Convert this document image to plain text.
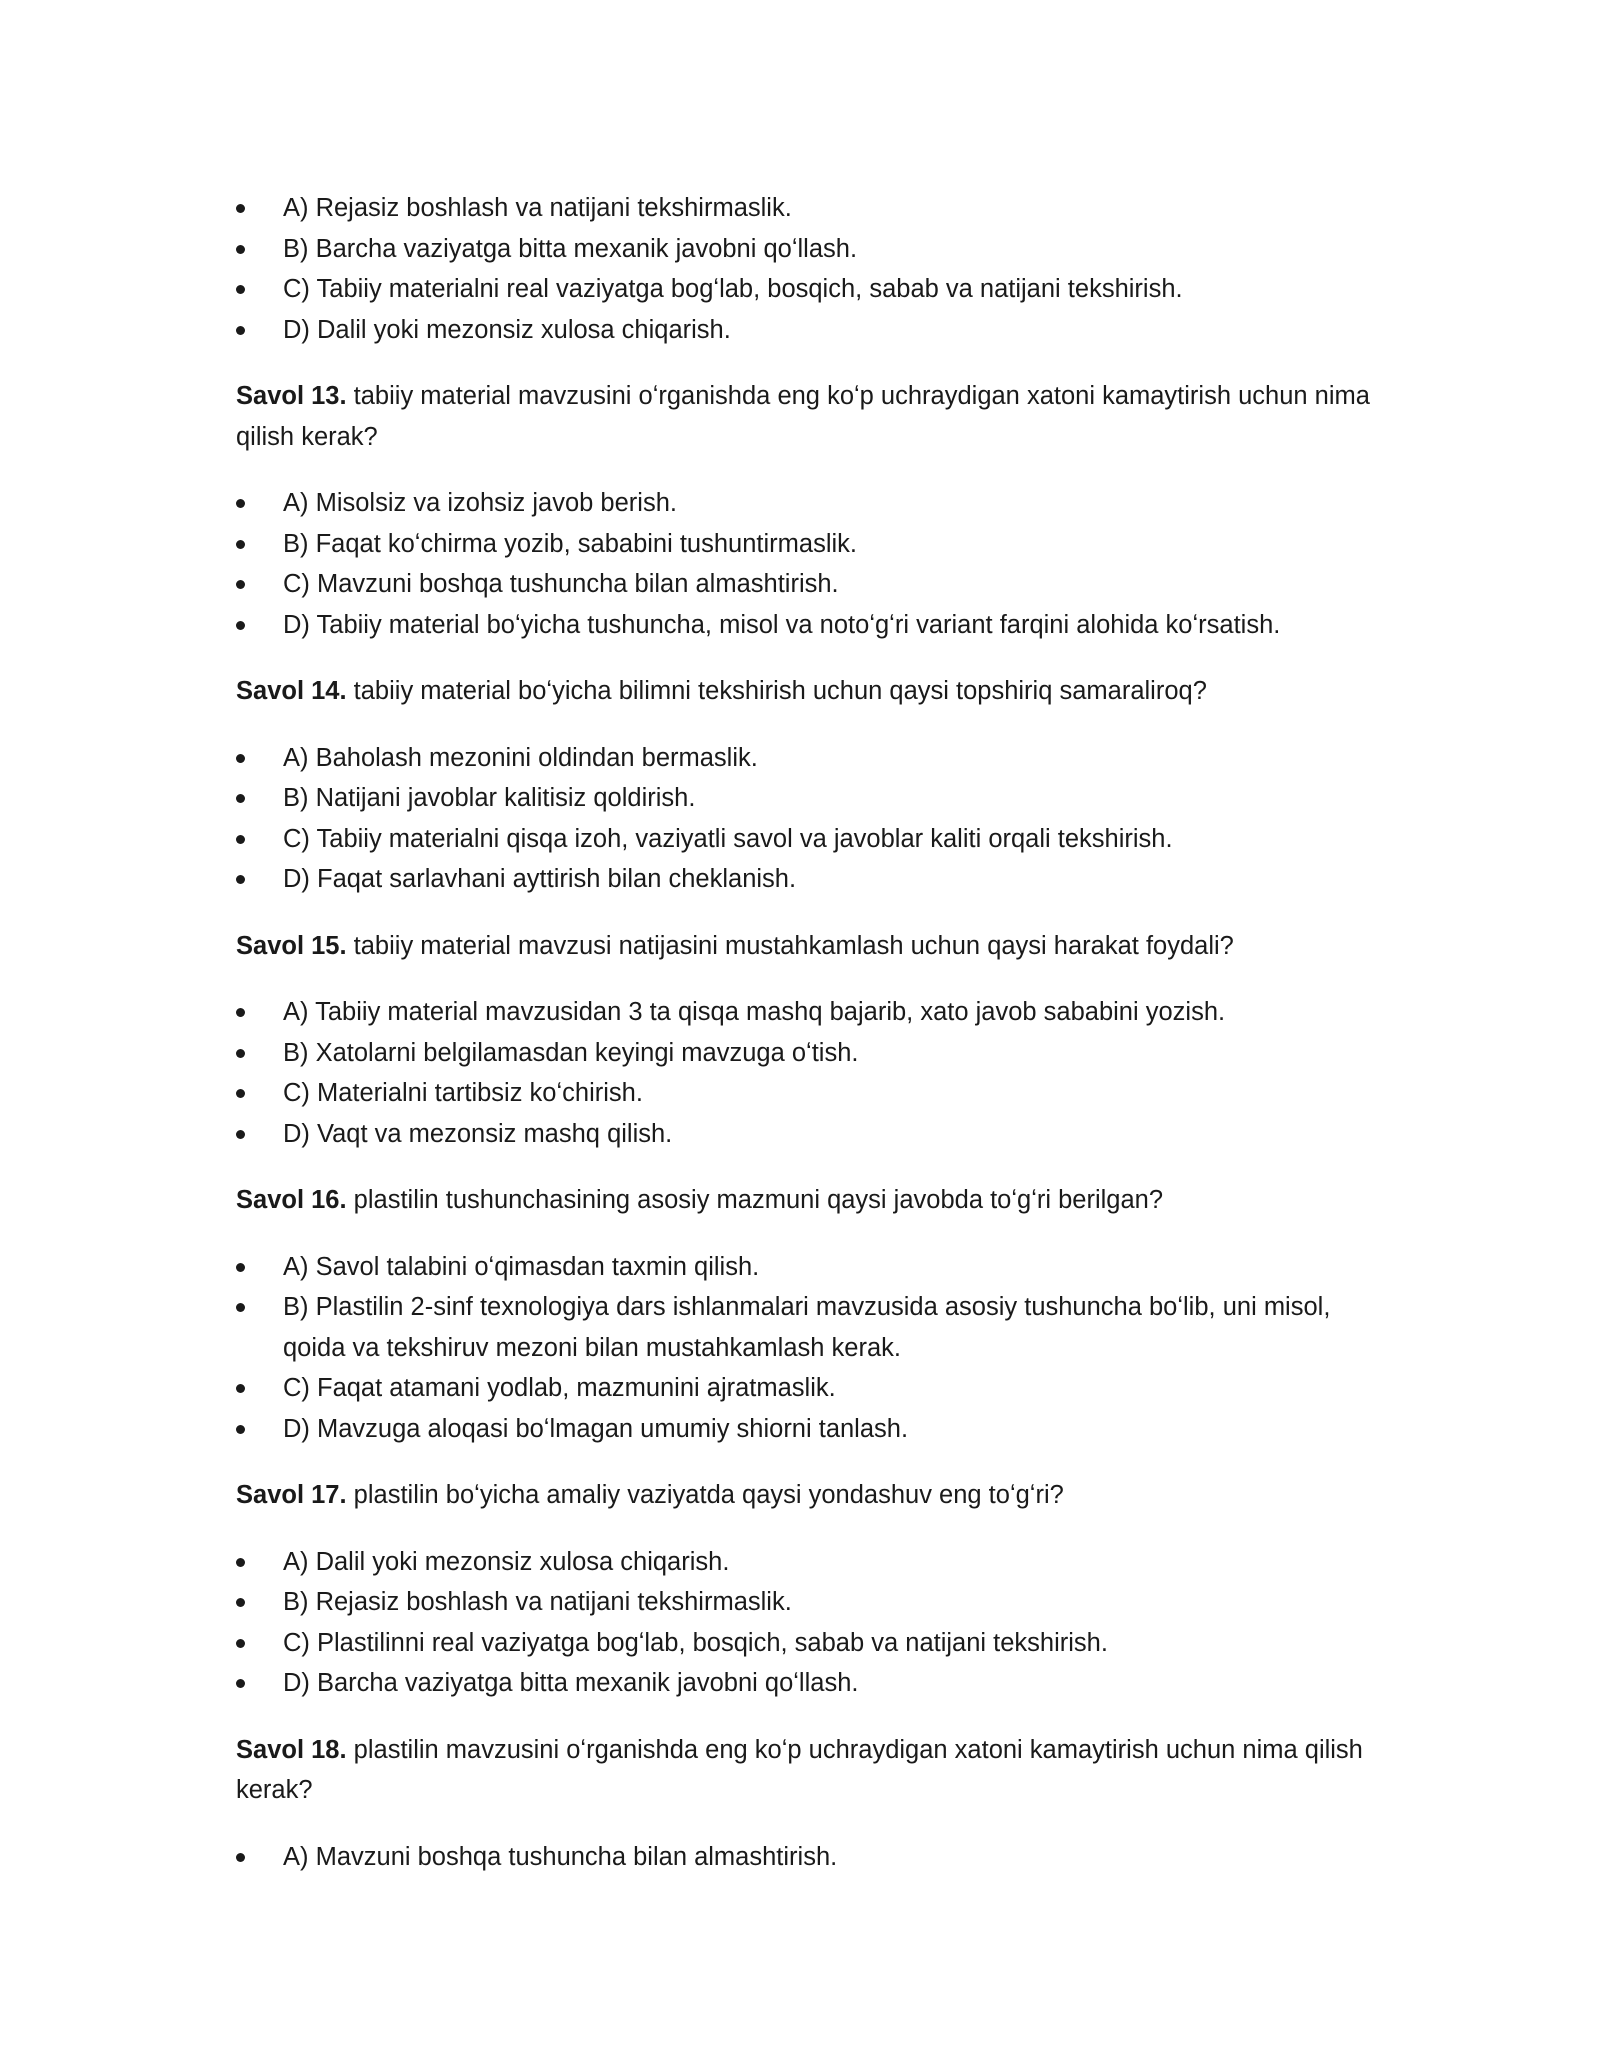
A) Rejasiz boshlash va natijani tekshirmaslik.
B) Barcha vaziyatga bitta mexanik javobni qoʻllash.
C) Tabiiy materialni real vaziyatga bogʻlab, bosqich, sabab va natijani tekshirish.
D) Dalil yoki mezonsiz xulosa chiqarish.

Savol 13. tabiiy material mavzusini oʻrganishda eng koʻp uchraydigan xatoni kamaytirish uchun nima qilish kerak?

A) Misolsiz va izohsiz javob berish.
B) Faqat koʻchirma yozib, sababini tushuntirmaslik.
C) Mavzuni boshqa tushuncha bilan almashtirish.
D) Tabiiy material boʻyicha tushuncha, misol va notoʻgʻri variant farqini alohida koʻrsatish.

Savol 14. tabiiy material boʻyicha bilimni tekshirish uchun qaysi topshiriq samaraliroq?

A) Baholash mezonini oldindan bermaslik.
B) Natijani javoblar kalitisiz qoldirish.
C) Tabiiy materialni qisqa izoh, vaziyatli savol va javoblar kaliti orqali tekshirish.
D) Faqat sarlavhani ayttirish bilan cheklanish.

Savol 15. tabiiy material mavzusi natijasini mustahkamlash uchun qaysi harakat foydali?

A) Tabiiy material mavzusidan 3 ta qisqa mashq bajarib, xato javob sababini yozish.
B) Xatolarni belgilamasdan keyingi mavzuga oʻtish.
C) Materialni tartibsiz koʻchirish.
D) Vaqt va mezonsiz mashq qilish.

Savol 16. plastilin tushunchasining asosiy mazmuni qaysi javobda toʻgʻri berilgan?

A) Savol talabini oʻqimasdan taxmin qilish.
B) Plastilin 2-sinf texnologiya dars ishlanmalari mavzusida asosiy tushuncha boʻlib, uni misol, qoida va tekshiruv mezoni bilan mustahkamlash kerak.
C) Faqat atamani yodlab, mazmunini ajratmaslik.
D) Mavzuga aloqasi boʻlmagan umumiy shiorni tanlash.

Savol 17. plastilin boʻyicha amaliy vaziyatda qaysi yondashuv eng toʻgʻri?

A) Dalil yoki mezonsiz xulosa chiqarish.
B) Rejasiz boshlash va natijani tekshirmaslik.
C) Plastilinni real vaziyatga bogʻlab, bosqich, sabab va natijani tekshirish.
D) Barcha vaziyatga bitta mexanik javobni qoʻllash.

Savol 18. plastilin mavzusini oʻrganishda eng koʻp uchraydigan xatoni kamaytirish uchun nima qilish kerak?

A) Mavzuni boshqa tushuncha bilan almashtirish.
